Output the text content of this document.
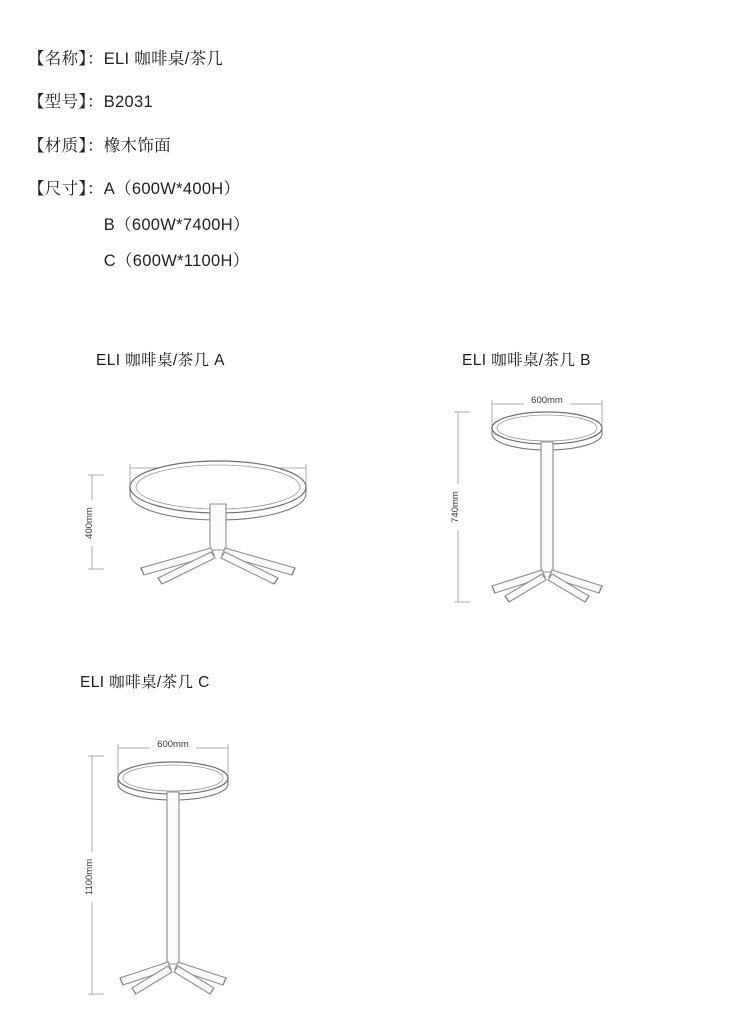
【名称】： ELI 咖啡桌/茶几
【型号】： B2031
【材质】： 橡木饰面
【尺寸】： A（600W*400H）
B（600W*7400H）
C（600W*1100H）
ELI 咖啡桌/茶几 A
400mm
ELI 咖啡桌/茶几 B
600mm
740mm
ELI 咖啡桌/茶几 C
600mm
1100mm
